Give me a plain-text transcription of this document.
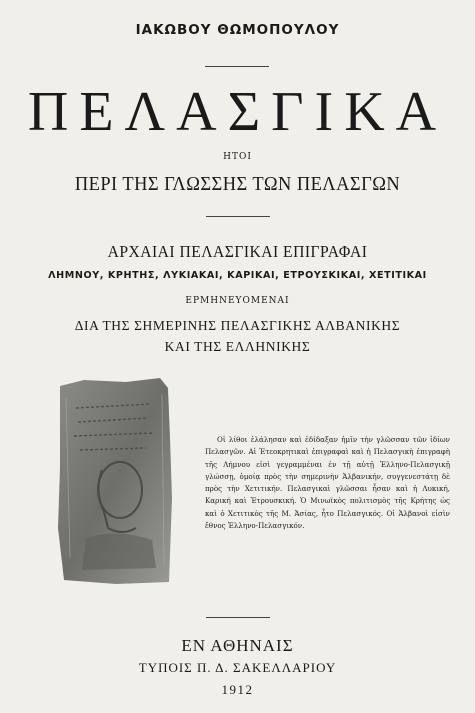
ΙΑΚΩΒΟΥ ΘΩΜΟΠΟΥΛΟΥ
ΠΕΛΑΣΓΙΚΑ
ΗΤΟΙ
ΠΕΡΙ ΤΗΣ ΓΛΩΣΣΗΣ ΤΩΝ ΠΕΛΑΣΓΩΝ
ΑΡΧΑΙΑΙ ΠΕΛΑΣΓΙΚΑΙ ΕΠΙΓΡΑΦΑΙ
ΛΗΜΝΟΥ, ΚΡΗΤΗΣ, ΛΥΚΙΑΚΑΙ, ΚΑΡΙΚΑΙ, ΕΤΡΟΥΣΚΙΚΑΙ, ΧΕΤΙΤΙΚΑΙ
ΕΡΜΗΝΕΥΟΜΕΝΑΙ
ΔΙΑ ΤΗΣ ΣΗΜΕΡΙΝΗΣ ΠΕΛΑΣΓΙΚΗΣ ΑΛΒΑΝΙΚΗΣ
ΚΑΙ ΤΗΣ ΕΛΛΗΝΙΚΗΣ
Οἱ λίθοι ἐλάλησαν καὶ ἐδίδαξαν ἡμῖν τὴν γλῶσσαν τῶν ἰδίων Πελασγῶν. Αἱ Ἐτεοκρητικαὶ ἐπιγραφαὶ καὶ ἡ Πελασγικὴ ἐπιγραφὴ τῆς Λήμνου εἰσὶ γεγραμμέναι ἐν τῇ αὐτῇ Ἑλληνο-Πελασγικῇ γλώσσῃ, ὁμοίᾳ πρὸς τὴν σημερινὴν Ἀλβανικήν, συγγενεστάτῃ δὲ πρὸς τὴν Χετιτικήν. Πελασγικαὶ γλῶσσαι ἦσαν καὶ ἡ Λυκική, Καρική καὶ Ἐτρουσκική. Ὁ Μινωϊκὸς πολιτισμὸς τῆς Κρήτης ὡς καὶ ὁ Χετιτικὸς τῆς Μ. Ἀσίας, ἦτο Πελασγικός. Οἱ Ἀλβανοὶ εἰσὶν ἔθνος Ἑλληνο-Πελασγικόν.
ΕΝ ΑΘΗΝΑΙΣ
ΤΥΠΟΙΣ Π. Δ. ΣΑΚΕΛΛΑΡΙΟΥ
1912
